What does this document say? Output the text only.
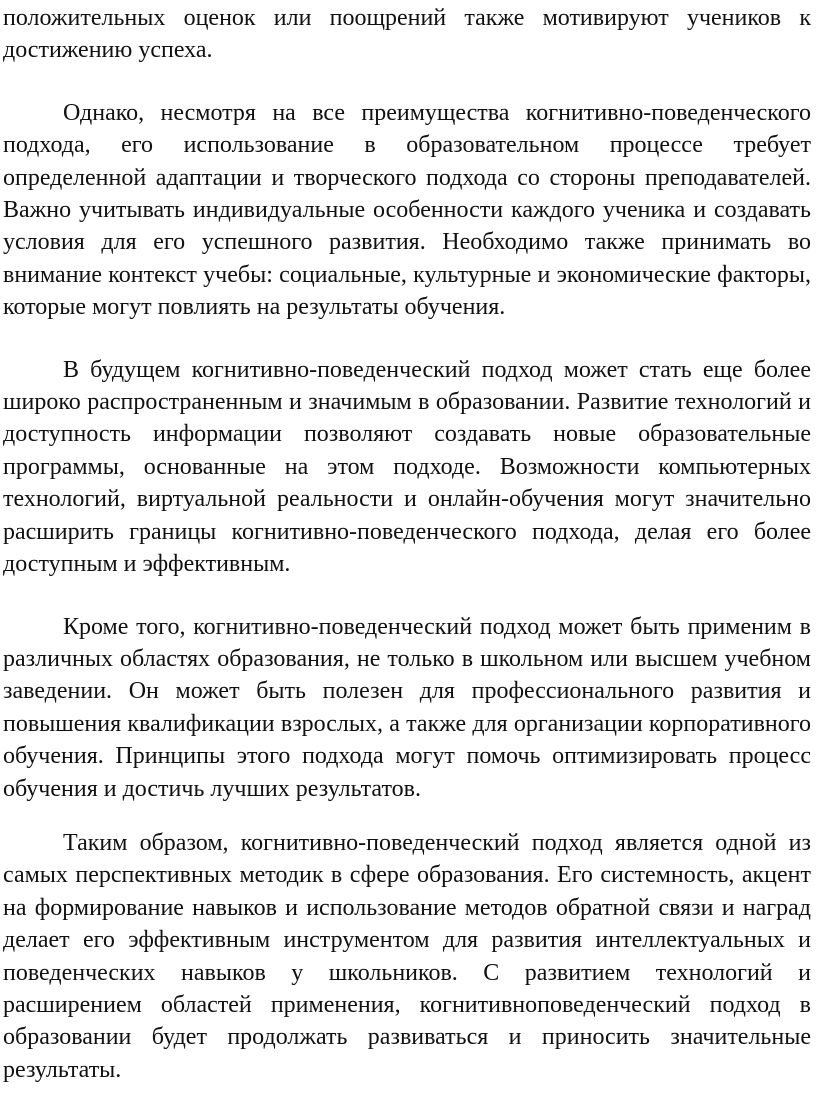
положительных оценок или поощрений также мотивируют учеников к достижению успеха.

Однако, несмотря на все преимущества когнитивно-поведенческого подхода, его использование в образовательном процессе требует определенной адаптации и творческого подхода со стороны преподавателей. Важно учитывать индивидуальные особенности каждого ученика и создавать условия для его успешного развития. Необходимо также принимать во внимание контекст учебы: социальные, культурные и экономические факторы, которые могут повлиять на результаты обучения.

В будущем когнитивно-поведенческий подход может стать еще более широко распространенным и значимым в образовании. Развитие технологий и доступность информации позволяют создавать новые образовательные программы, основанные на этом подходе. Возможности компьютерных технологий, виртуальной реальности и онлайн-обучения могут значительно расширить границы когнитивно-поведенческого подхода, делая его более доступным и эффективным.

Кроме того, когнитивно-поведенческий подход может быть применим в различных областях образования, не только в школьном или высшем учебном заведении. Он может быть полезен для профессионального развития и повышения квалификации взрослых, а также для организации корпоративного обучения. Принципы этого подхода могут помочь оптимизировать процесс обучения и достичь лучших результатов.

Таким образом, когнитивно-поведенческий подход является одной из самых перспективных методик в сфере образования. Его системность, акцент на формирование навыков и использование методов обратной связи и наград делает его эффективным инструментом для развития интеллектуальных и поведенческих навыков у школьников. С развитием технологий и расширением областей применения, когнитивноповеденческий подход в образовании будет продолжать развиваться и приносить значительные результаты.
